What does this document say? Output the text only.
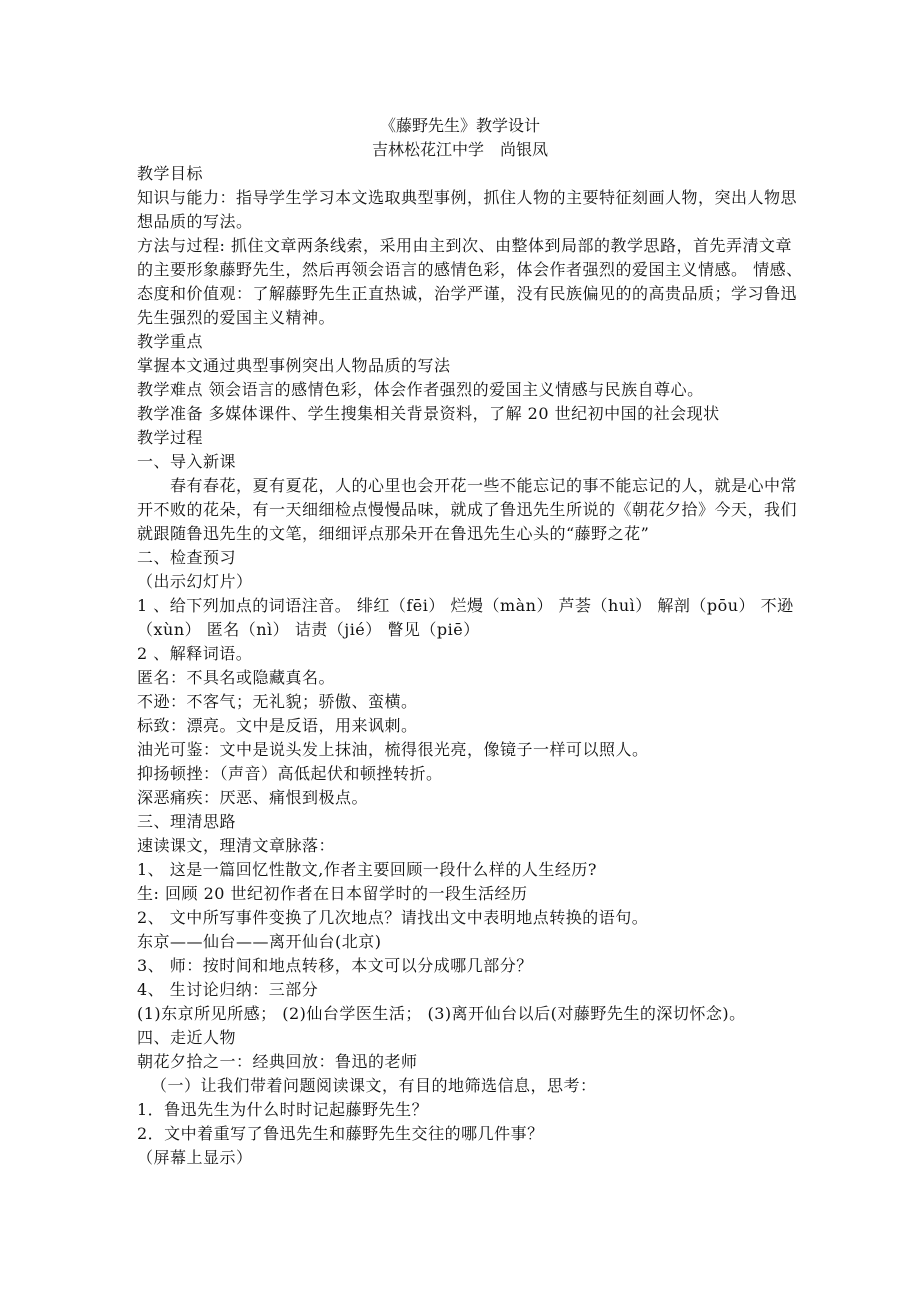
《藤野先生》教学设计
吉林松花江中学　尚银凤
教学目标
知识与能力：指导学生学习本文选取典型事例，抓住人物的主要特征刻画人物，突出人物思
想品质的写法。
方法与过程: 抓住文章两条线索，采用由主到次、由整体到局部的教学思路，首先弄清文章
的主要形象藤野先生，然后再领会语言的感情色彩，体会作者强烈的爱国主义情感。 情感、
态度和价值观：了解藤野先生正直热诚，治学严谨，没有民族偏见的的高贵品质；学习鲁迅
先生强烈的爱国主义精神。
教学重点
掌握本文通过典型事例突出人物品质的写法
教学难点 领会语言的感情色彩，体会作者强烈的爱国主义情感与民族自尊心。
教学准备 多媒体课件、学生搜集相关背景资料，了解 20 世纪初中国的社会现状
教学过程
一、导入新课
春有春花，夏有夏花，人的心里也会开花一些不能忘记的事不能忘记的人，就是心中常
开不败的花朵，有一天细细检点慢慢品味，就成了鲁迅先生所说的《朝花夕拾》今天，我们
就跟随鲁迅先生的文笔，细细评点那朵开在鲁迅先生心头的“藤野之花”
二、检查预习
（出示幻灯片）
1 、给下列加点的词语注音。 绯红（fēi） 烂熳（màn） 芦荟（huì） 解剖（pōu） 不逊
（xùn） 匿名（nì） 诘责（jié） 瞥见（piē）
2 、解释词语。
匿名：不具名或隐藏真名。
不逊：不客气；无礼貌；骄傲、蛮横。
标致：漂亮。文中是反语，用来讽刺。
油光可鉴：文中是说头发上抹油，梳得很光亮，像镜子一样可以照人。
抑扬顿挫：（声音）高低起伏和顿挫转折。
深恶痛疾：厌恶、痛恨到极点。
三、理清思路
速读课文，理清文章脉落：
1、 这是一篇回忆性散文,作者主要回顾一段什么样的人生经历?
生: 回顾 20 世纪初作者在日本留学时的一段生活经历
2、 文中所写事件变换了几次地点？请找出文中表明地点转换的语句。
东京——仙台——离开仙台(北京)
3、 师：按时间和地点转移，本文可以分成哪几部分？
4、 生讨论归纳：三部分
(1)东京所见所感； (2)仙台学医生活； (3)离开仙台以后(对藤野先生的深切怀念)。
四、走近人物
朝花夕拾之一：经典回放：鲁迅的老师
（一）让我们带着问题阅读课文，有目的地筛选信息，思考：
1．鲁迅先生为什么时时记起藤野先生？
2．文中着重写了鲁迅先生和藤野先生交往的哪几件事？
（屏幕上显示）
